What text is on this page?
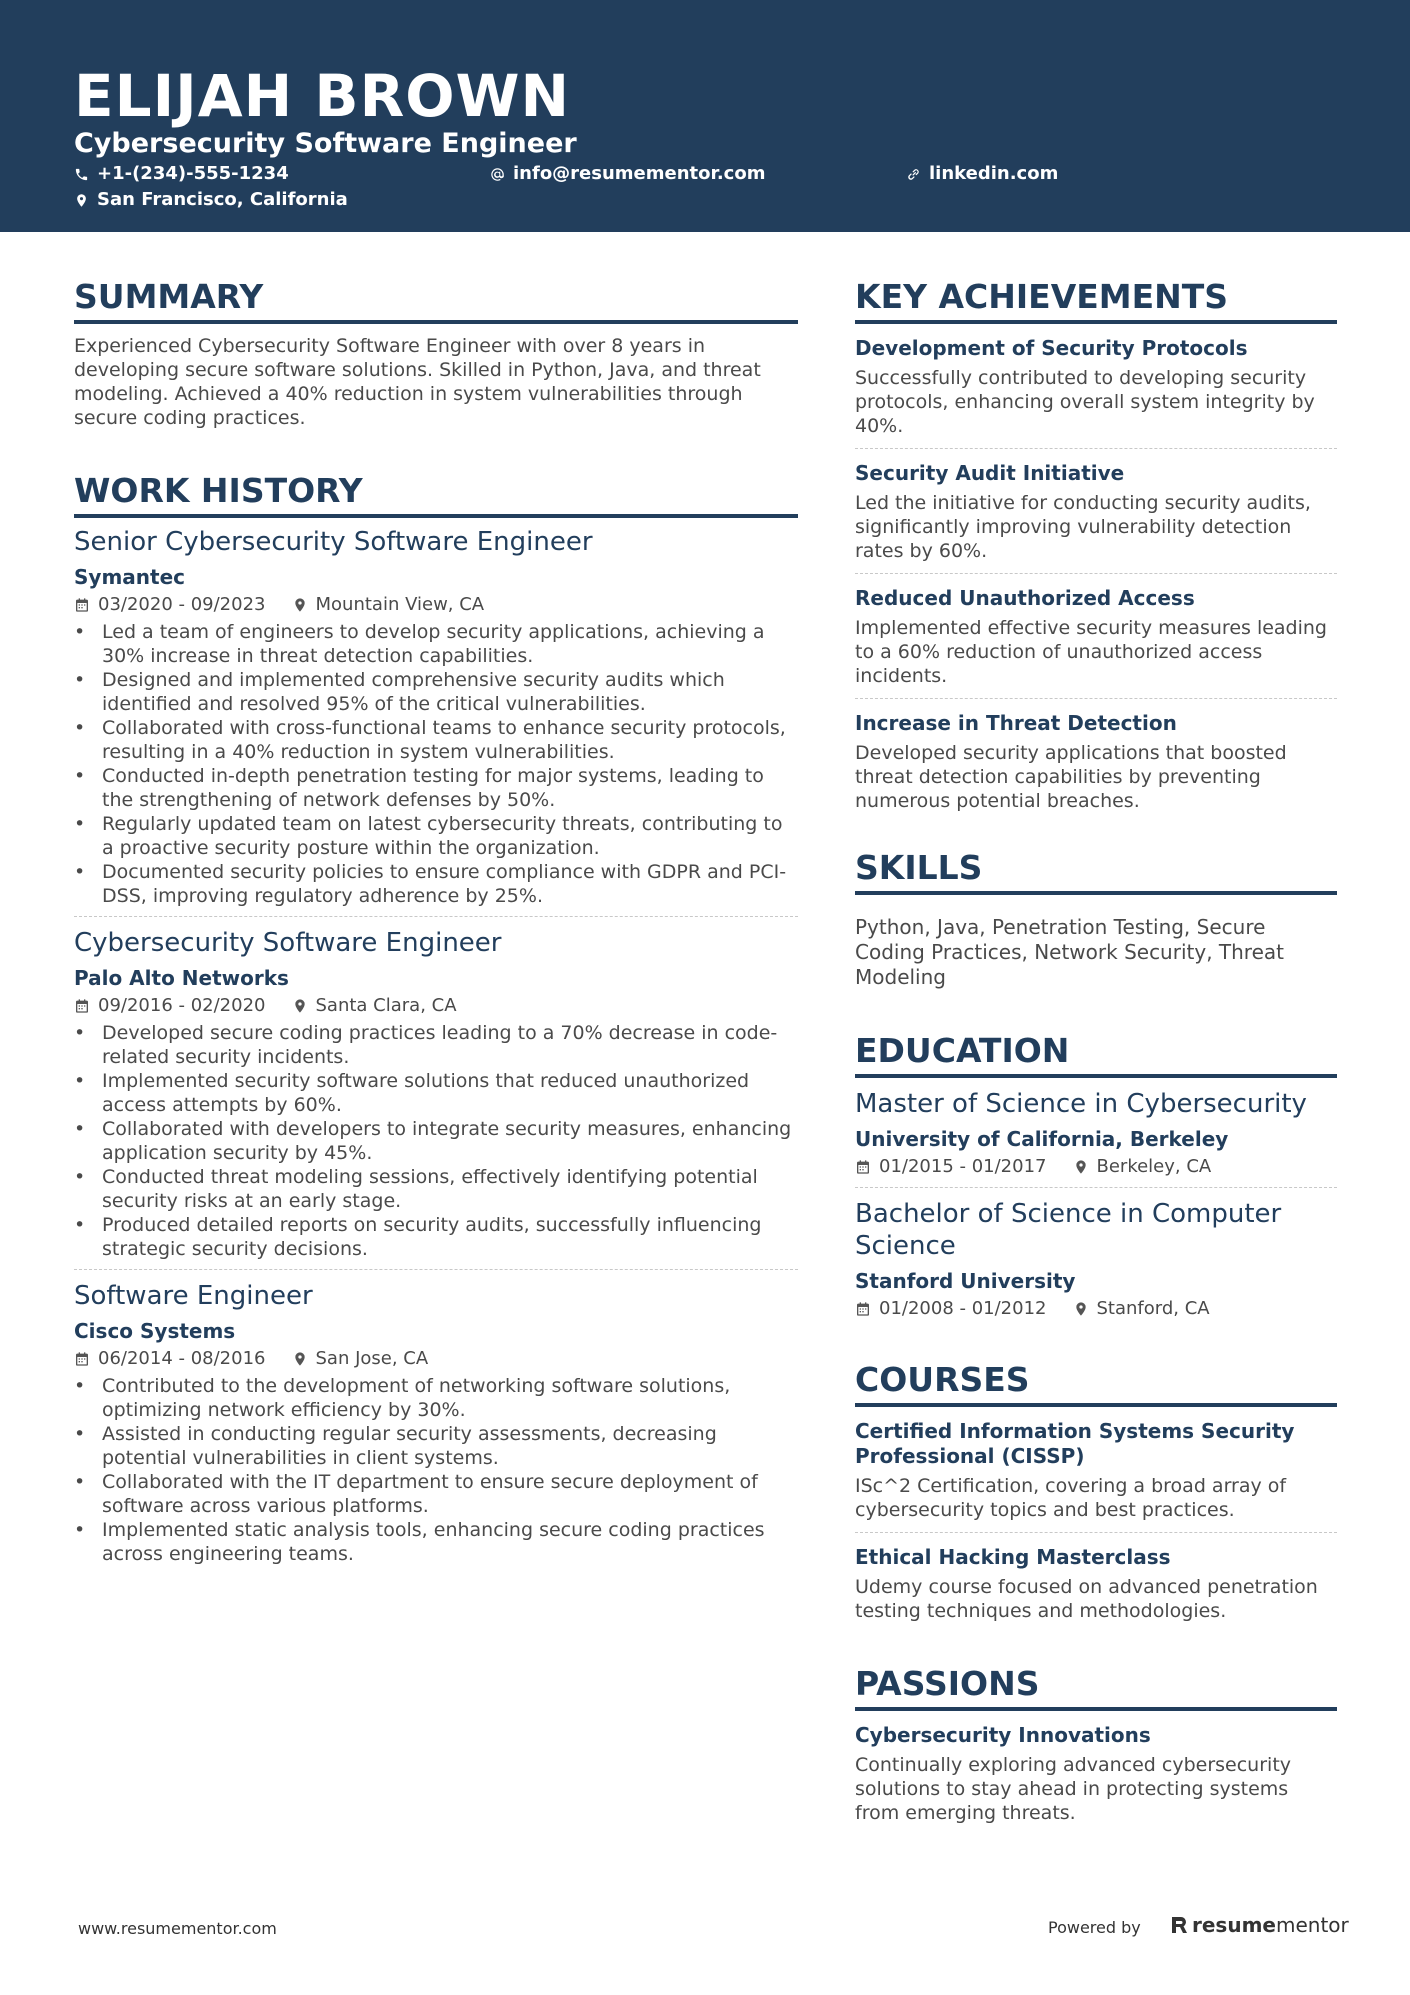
ELIJAH BROWN
Cybersecurity Software Engineer
+1-(234)-555-1234	info@resumementor.com	linkedin.com
San Francisco, California
SUMMARY
Experienced Cybersecurity Software Engineer with over 8 years in developing secure software solutions. Skilled in Python, Java, and threat modeling. Achieved a 40% reduction in system vulnerabilities through secure coding practices.
WORK HISTORY
Senior Cybersecurity Software Engineer
Symantec
03/2020 - 09/2023	Mountain View, CA
• Led a team of engineers to develop security applications, achieving a 30% increase in threat detection capabilities.
• Designed and implemented comprehensive security audits which identified and resolved 95% of the critical vulnerabilities.
• Collaborated with cross-functional teams to enhance security protocols, resulting in a 40% reduction in system vulnerabilities.
• Conducted in-depth penetration testing for major systems, leading to the strengthening of network defenses by 50%.
• Regularly updated team on latest cybersecurity threats, contributing to a proactive security posture within the organization.
• Documented security policies to ensure compliance with GDPR and PCI-DSS, improving regulatory adherence by 25%.
Cybersecurity Software Engineer
Palo Alto Networks
09/2016 - 02/2020	Santa Clara, CA
• Developed secure coding practices leading to a 70% decrease in code-related security incidents.
• Implemented security software solutions that reduced unauthorized access attempts by 60%.
• Collaborated with developers to integrate security measures, enhancing application security by 45%.
• Conducted threat modeling sessions, effectively identifying potential security risks at an early stage.
• Produced detailed reports on security audits, successfully influencing strategic security decisions.
Software Engineer
Cisco Systems
06/2014 - 08/2016	San Jose, CA
• Contributed to the development of networking software solutions, optimizing network efficiency by 30%.
• Assisted in conducting regular security assessments, decreasing potential vulnerabilities in client systems.
• Collaborated with the IT department to ensure secure deployment of software across various platforms.
• Implemented static analysis tools, enhancing secure coding practices across engineering teams.
KEY ACHIEVEMENTS
Development of Security Protocols
Successfully contributed to developing security protocols, enhancing overall system integrity by 40%.
Security Audit Initiative
Led the initiative for conducting security audits, significantly improving vulnerability detection rates by 60%.
Reduced Unauthorized Access
Implemented effective security measures leading to a 60% reduction of unauthorized access incidents.
Increase in Threat Detection
Developed security applications that boosted threat detection capabilities by preventing numerous potential breaches.
SKILLS
Python, Java, Penetration Testing, Secure Coding Practices, Network Security, Threat Modeling
EDUCATION
Master of Science in Cybersecurity
University of California, Berkeley
01/2015 - 01/2017	Berkeley, CA
Bachelor of Science in Computer Science
Stanford University
01/2008 - 01/2012	Stanford, CA
COURSES
Certified Information Systems Security Professional (CISSP)
ISc^2 Certification, covering a broad array of cybersecurity topics and best practices.
Ethical Hacking Masterclass
Udemy course focused on advanced penetration testing techniques and methodologies.
PASSIONS
Cybersecurity Innovations
Continually exploring advanced cybersecurity solutions to stay ahead in protecting systems from emerging threats.
www.resumementor.com	Powered by	resume mentor
